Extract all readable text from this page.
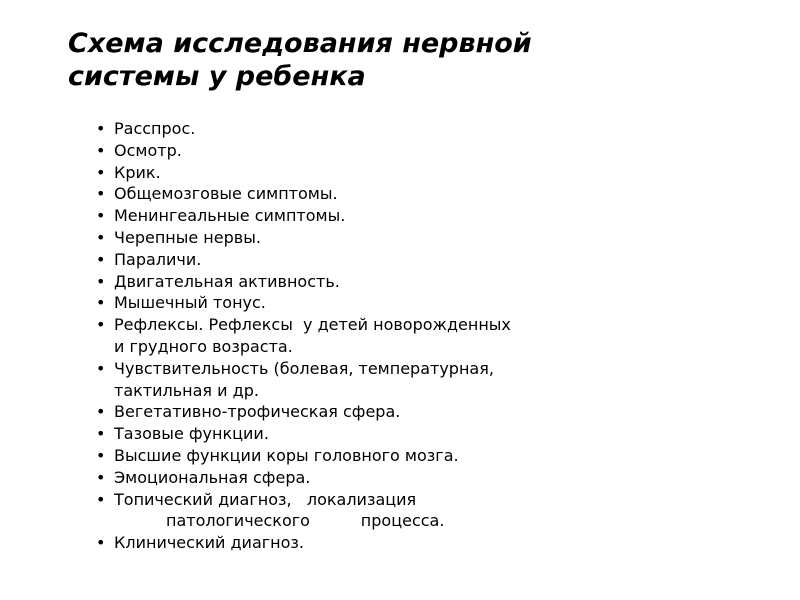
Схема исследования нервной
системы у ребенка
• Расспрос.
• Осмотр.
• Крик.
• Общемозговые симптомы.
• Менингеальные симптомы.
• Черепные нервы.
• Параличи.
• Двигательная активность.
• Мышечный тонус.
• Рефлексы. Рефлексы  у детей новорожденных
и грудного возраста.
• Чувствительность (болевая, температурная,
тактильная и др.
• Вегетативно-трофическая сфера.
• Тазовые функции.
• Высшие функции коры головного мозга.
• Эмоциональная сфера.
• Топический диагноз,   локализация
патологического          процесса.
• Клинический диагноз.
